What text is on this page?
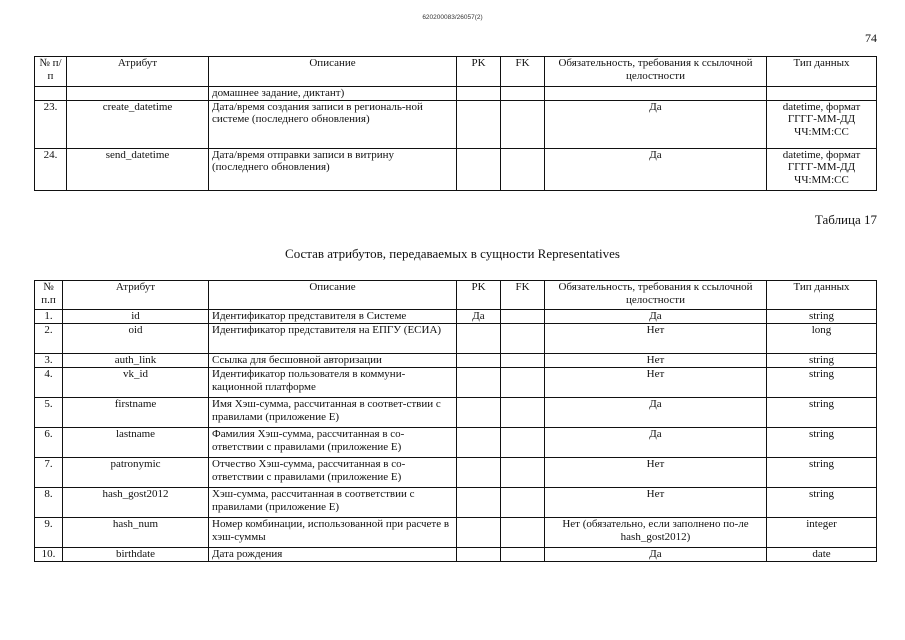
620200083/26057(2)
74
№ п/п	Атрибут	Описание	PK	FK	Обязательность, требования к ссылочной целостности	Тип данных
		домашнее задание, диктант)				
23.	create_datetime	Дата/время создания записи в региональ-ной системе (последнего обновления)			Да	datetime, формат ГГГГ-ММ-ДД ЧЧ:ММ:СС
24.	send_datetime	Дата/время отправки записи в витрину (последнего обновления)			Да	datetime, формат ГГГГ-ММ-ДД ЧЧ:ММ:СС
Таблица 17
Состав атрибутов, передаваемых в сущности Representatives
№ п.п	Атрибут	Описание	PK	FK	Обязательность, требования к ссылочной целостности	Тип данных
1.	id	Идентификатор представителя в Системе	Да		Да	string
2.	oid	Идентификатор представителя на ЕПГУ (ЕСИА)			Нет	long
3.	auth_link	Ссылка для бесшовной авторизации			Нет	string
4.	vk_id	Идентификатор пользователя в коммуни-кационной платформе			Нет	string
5.	firstname	Имя Хэш-сумма, рассчитанная в соответ-ствии с правилами (приложение Е)			Да	string
6.	lastname	Фамилия Хэш-сумма, рассчитанная в со-ответствии с правилами (приложение Е)			Да	string
7.	patronymic	Отчество Хэш-сумма, рассчитанная в со-ответствии с правилами (приложение Е)			Нет	string
8.	hash_gost2012	Хэш-сумма, рассчитанная в соответствии с правилами (приложение Е)			Нет	string
9.	hash_num	Номер комбинации, использованной при расчете в хэш-суммы			Нет (обязательно, если заполнено по-ле hash_gost2012)	integer
10.	birthdate	Дата рождения			Да	date
